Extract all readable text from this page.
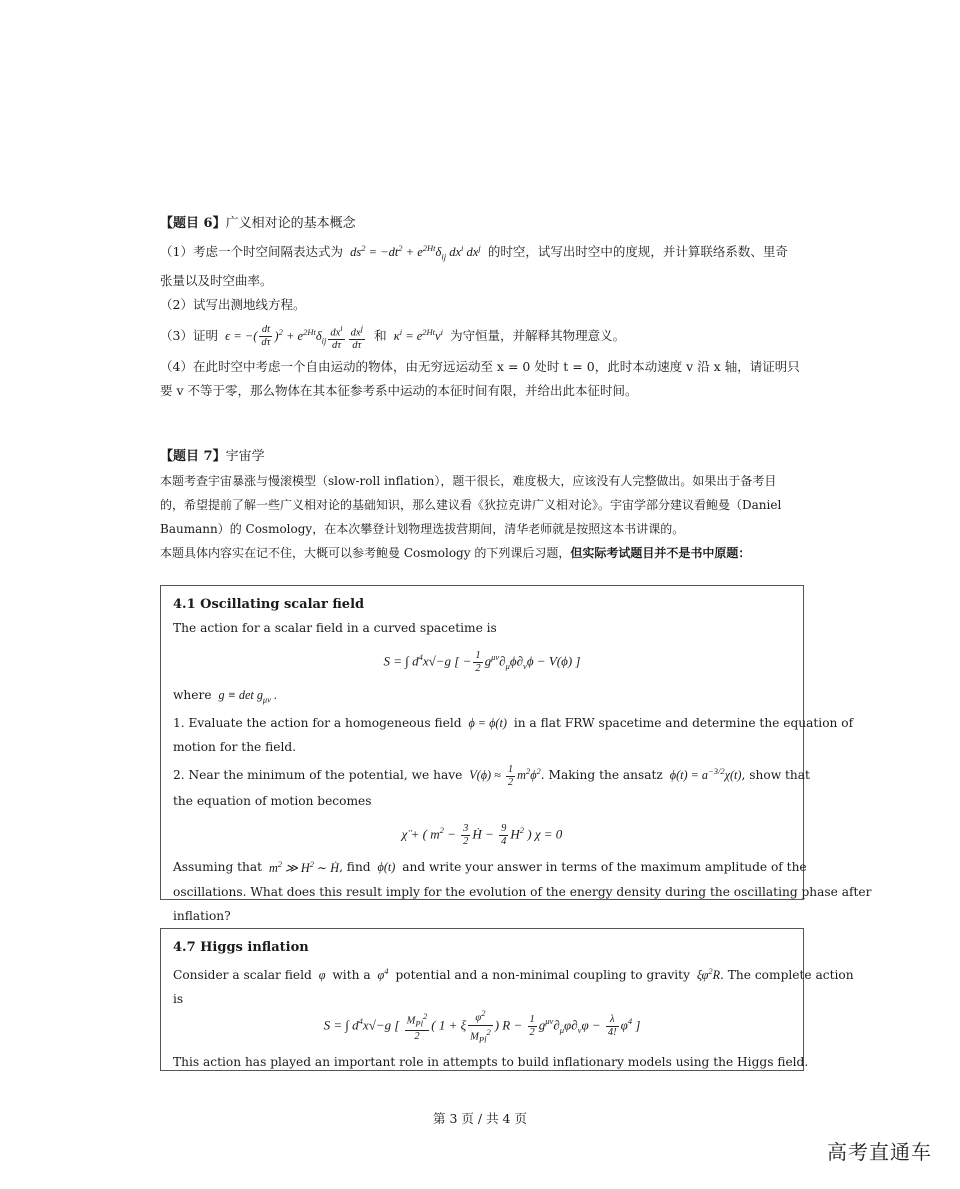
【题目 6】广义相对论的基本概念
（1）考虑一个时空间隔表达式为  $ds^2 = -dt^2 + e^{2Ht}\delta_{ij}$ $dx^i$ $dx^j$ 的时空，试写出时空中的度规，并计算联络系数、里奇
张量以及时空曲率。
（2）试写出测地线方程。
（3）证明  ϵ = −( $\frac{dt}{d\tau} )^2 + e^{2Ht}\delta_{ij} \frac{dx^i}{d\tau} \frac{dx^j}{d\tau}$ 和  $\kappa^i = e^{2Ht}v^i$ 为守恒量，并解释其物理意义。
（4）在此时空中考虑一个自由运动的物体，由无穷远运动至 x = 0 处时 t = 0，此时本动速度 v 沿 x 轴，请证明只
要 v 不等于零，那么物体在其本征参考系中运动的本征时间有限，并给出此本征时间。
【题目 7】宇宙学
本题考查宇宙暴涨与慢滚模型（slow-roll inflation），题干很长，难度极大，应该没有人完整做出。如果出于备考目
的，希望提前了解一些广义相对论的基础知识，那么建议看《狄拉克讲广义相对论》。宇宙学部分建议看鲍曼（Daniel
Baumann）的 Cosmology，在本次攀登计划物理选拔营期间，清华老师就是按照这本书讲课的。
本题具体内容实在记不住，大概可以参考鲍曼 Cosmology 的下列课后习题，但实际考试题目并不是书中原题：
4.1 Oscillating scalar field
The action for a scalar field in a curved spacetime is
S = ∫ $d^4x√-g$ [ − $\frac{1}{2} g^{\mu\nu}\partial_\mu\phi\partial_\nu\phi - V(\phi)$ ]
where  $g \equiv \det g_{\mu\nu}$ .
1. Evaluate the action for a homogeneous field  ϕ = ϕ(t)  in a flat FRW spacetime and determine the equation of
motion for the field.
2. Near the minimum of the potential, we have  $V(\phi) \approx \frac{1}{2} m^2\phi^2$. Making the ansatz  $\phi(t) = a^{-3/2}\chi(t)$, show that
the equation of motion becomes
χ̈ + ( $m^2 - \frac{3}{2}$ Ḣ − $\frac{9}{4} H^2$ ) χ = 0
Assuming that  $m^2$ ≫ $H^2$ ∼ Ḣ, find  ϕ(t)  and write your answer in terms of the maximum amplitude of the
oscillations. What does this result imply for the evolution of the energy density during the oscillating phase after
inflation?
4.7 Higgs inflation
Consider a scalar field  φ  with a  $\varphi^4$ potential and a non-minimal coupling to gravity  $\xi\varphi^2R$. The complete action
is
S = ∫ $d^4x√-g$ [ $\frac{M_{Pl}^2}{2}$ ( 1 + ξ $\frac{\varphi^2}{M_{Pl}^2}$ ) $R - \frac{1}{2} g^{\mu\nu}\partial_\mu\varphi\partial_\nu\varphi - \frac{\lambda}{4!} \varphi^4$ ]
This action has played an important role in attempts to build inflationary models using the Higgs field.
第 3 页 / 共 4 页
高考直通车
